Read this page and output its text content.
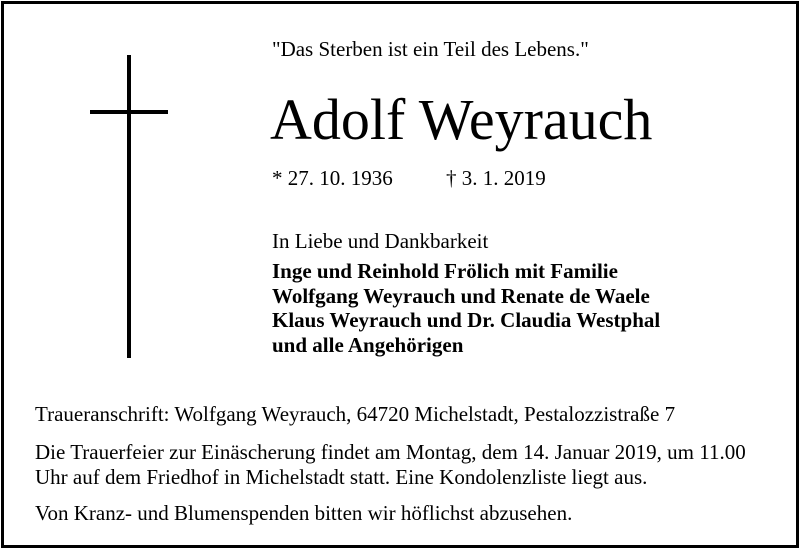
"Das Sterben ist ein Teil des Lebens."
Adolf Weyrauch
* 27. 10. 1936	† 3. 1. 2019
In Liebe und Dankbarkeit
Inge und Reinhold Frölich mit Familie
Wolfgang Weyrauch und Renate de Waele
Klaus Weyrauch und Dr. Claudia Westphal
und alle Angehörigen
Traueranschrift: Wolfgang Weyrauch, 64720 Michelstadt, Pestalozzistraße 7
Die Trauerfeier zur Einäscherung findet am Montag, dem 14. Januar 2019, um 11.00 Uhr auf dem Friedhof in Michelstadt statt. Eine Kondolenzliste liegt aus.
Von Kranz- und Blumenspenden bitten wir höflichst abzusehen.
